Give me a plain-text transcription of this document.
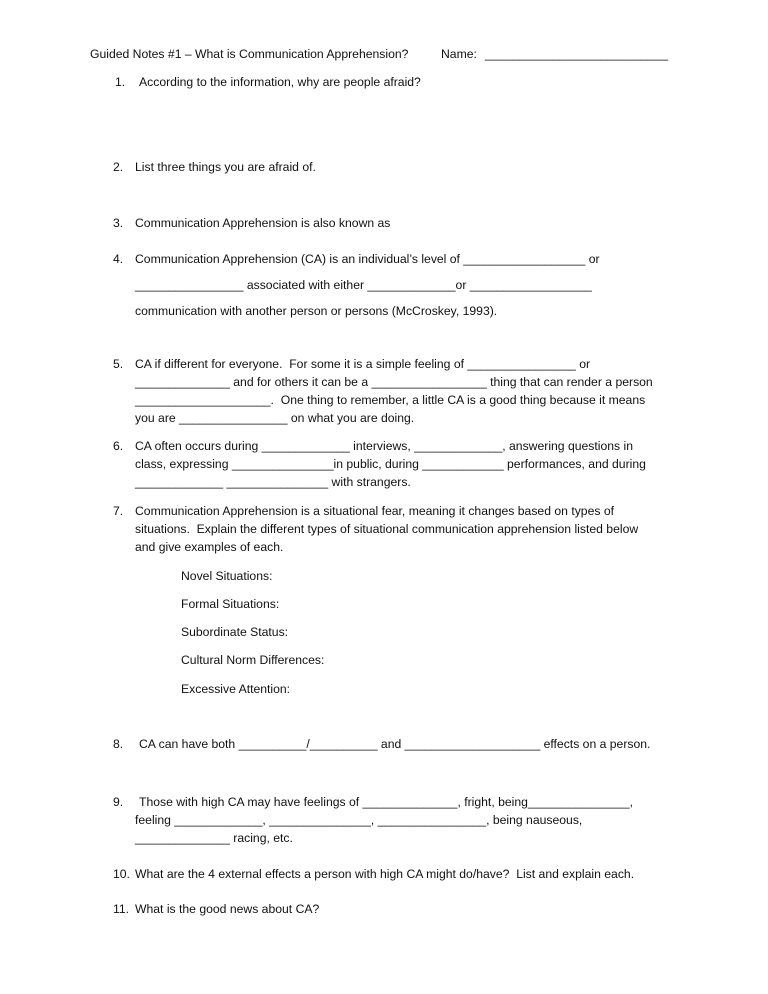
Guided Notes #1 – What is Communication Apprehension?	Name: ___________________________
1. According to the information, why are people afraid?
2. List three things you are afraid of.
3. Communication Apprehension is also known as
4. Communication Apprehension (CA) is an individual’s level of __________________ or
________________ associated with either _____________or __________________
communication with another person or persons (McCroskey, 1993).
5. CA if different for everyone.  For some it is a simple feeling of ________________ or
______________ and for others it can be a _________________ thing that can render a person
____________________.  One thing to remember, a little CA is a good thing because it means
you are ________________ on what you are doing.
6. CA often occurs during _____________ interviews, _____________, answering questions in
class, expressing _______________in public, during ____________ performances, and during
_____________ _______________ with strangers.
7. Communication Apprehension is a situational fear, meaning it changes based on types of
situations.  Explain the different types of situational communication apprehension listed below
and give examples of each.
Novel Situations:
Formal Situations:
Subordinate Status:
Cultural Norm Differences:
Excessive Attention:
8. CA can have both __________/__________ and ____________________ effects on a person.
9. Those with high CA may have feelings of ______________, fright, being_______________,
feeling _____________, _______________, ________________, being nauseous,
______________ racing, etc.
10. What are the 4 external effects a person with high CA might do/have?  List and explain each.
11. What is the good news about CA?
